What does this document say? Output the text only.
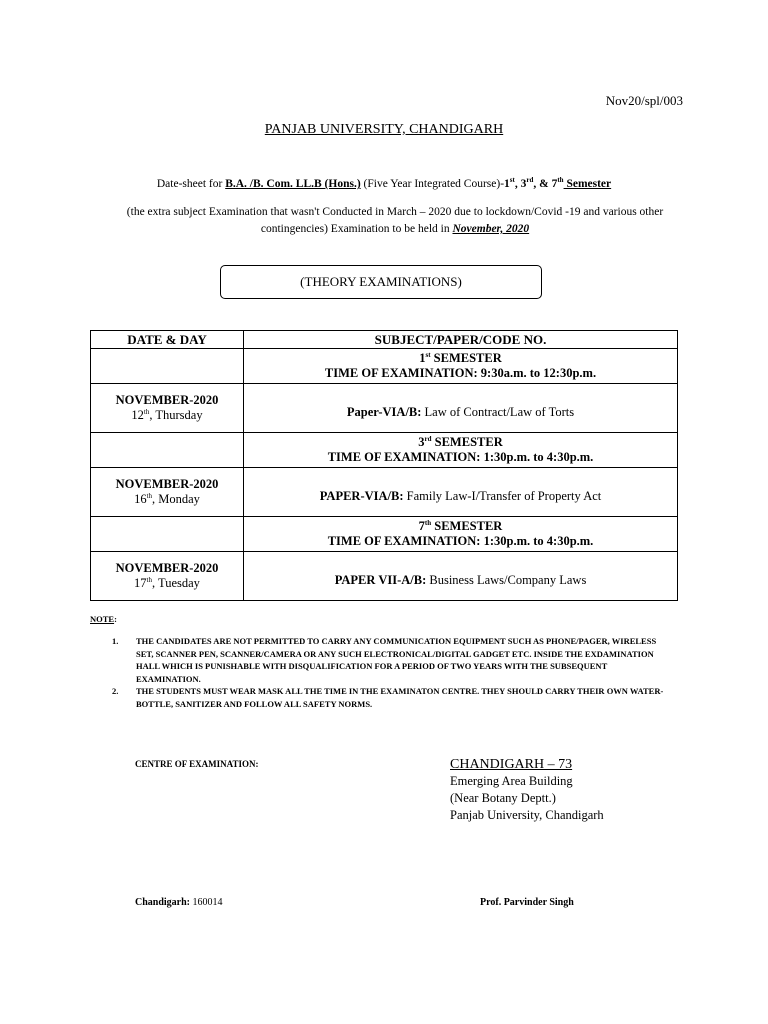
Nov20/spl/003
PANJAB UNIVERSITY, CHANDIGARH
Date-sheet for B.A. /B. Com. LL.B (Hons.) (Five Year Integrated Course)-1st, 3rd, & 7th Semester
(the extra subject Examination that wasn't Conducted in March – 2020 due to lockdown/Covid -19 and various other contingencies) Examination to be held in November, 2020
(THEORY EXAMINATIONS)
DATE & DAY	SUBJECT/PAPER/CODE NO.

	1st SEMESTER
TIME OF EXAMINATION: 9:30a.m. to 12:30p.m.

NOVEMBER-2020
12th, Thursday	Paper-VIA/B: Law of Contract/Law of Torts

	3rd SEMESTER
TIME OF EXAMINATION: 1:30p.m. to 4:30p.m.

NOVEMBER-2020
16th, Monday	PAPER-VIA/B: Family Law-I/Transfer of Property Act

	7th SEMESTER
TIME OF EXAMINATION: 1:30p.m. to 4:30p.m.

NOVEMBER-2020
17th, Tuesday	PAPER VII-A/B: Business Laws/Company Laws
NOTE:
1.	THE CANDIDATES ARE NOT PERMITTED TO CARRY ANY COMMUNICATION EQUIPMENT SUCH AS PHONE/PAGER, WIRELESS SET, SCANNER PEN, SCANNER/CAMERA OR ANY SUCH ELECTRONICAL/DIGITAL GADGET ETC. INSIDE THE EXDAMINATION HALL WHICH IS PUNISHABLE WITH DISQUALIFICATION FOR A PERIOD OF TWO YEARS WITH THE SUBSEQUENT EXAMINATION.
2.	THE STUDENTS MUST WEAR MASK ALL THE TIME IN THE EXAMINATON CENTRE. THEY SHOULD CARRY THEIR OWN WATER-BOTTLE, SANITIZER AND FOLLOW ALL SAFETY NORMS.
CENTRE OF EXAMINATION:	CHANDIGARH – 73
Emerging Area Building
(Near Botany Deptt.)
Panjab University, Chandigarh
Chandigarh: 160014	Prof. Parvinder Singh
